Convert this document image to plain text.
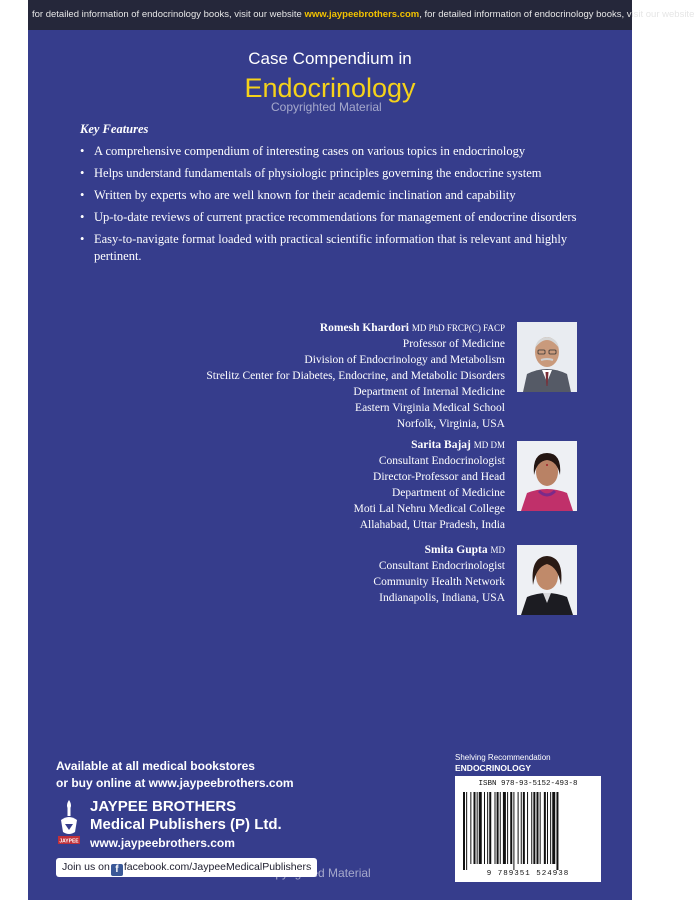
for detailed information of endocrinology books, visit our website www.jaypeebrothers.com, for detailed information of endocrinology books, visit our website
Case Compendium in
Endocrinology
Copyrighted Material
Key Features
• A comprehensive compendium of interesting cases on various topics in endocrinology
• Helps understand fundamentals of physiologic principles governing the endocrine system
• Written by experts who are well known for their academic inclination and capability
• Up-to-date reviews of current practice recommendations for management of endocrine disorders
• Easy-to-navigate format loaded with practical scientific information that is relevant and highly pertinent.
Romesh Khardori MD PhD FRCP(C) FACP
Professor of Medicine
Division of Endocrinology and Metabolism
Strelitz Center for Diabetes, Endocrine, and Metabolic Disorders
Department of Internal Medicine
Eastern Virginia Medical School
Norfolk, Virginia, USA
Sarita Bajaj MD DM
Consultant Endocrinologist
Director-Professor and Head
Department of Medicine
Moti Lal Nehru Medical College
Allahabad, Uttar Pradesh, India
Smita Gupta MD
Consultant Endocrinologist
Community Health Network
Indianapolis, Indiana, USA
Available at all medical bookstores
or buy online at www.jaypeebrothers.com
JAYPEE
JAYPEE BROTHERS
Medical Publishers (P) Ltd.
www.jaypeebrothers.com
Join us on f facebook.com/JaypeeMedicalPublishers
Copyrighted Material
Shelving Recommendation
ENDOCRINOLOGY
ISBN 978-93-5152-493-8
9 789351 524938
